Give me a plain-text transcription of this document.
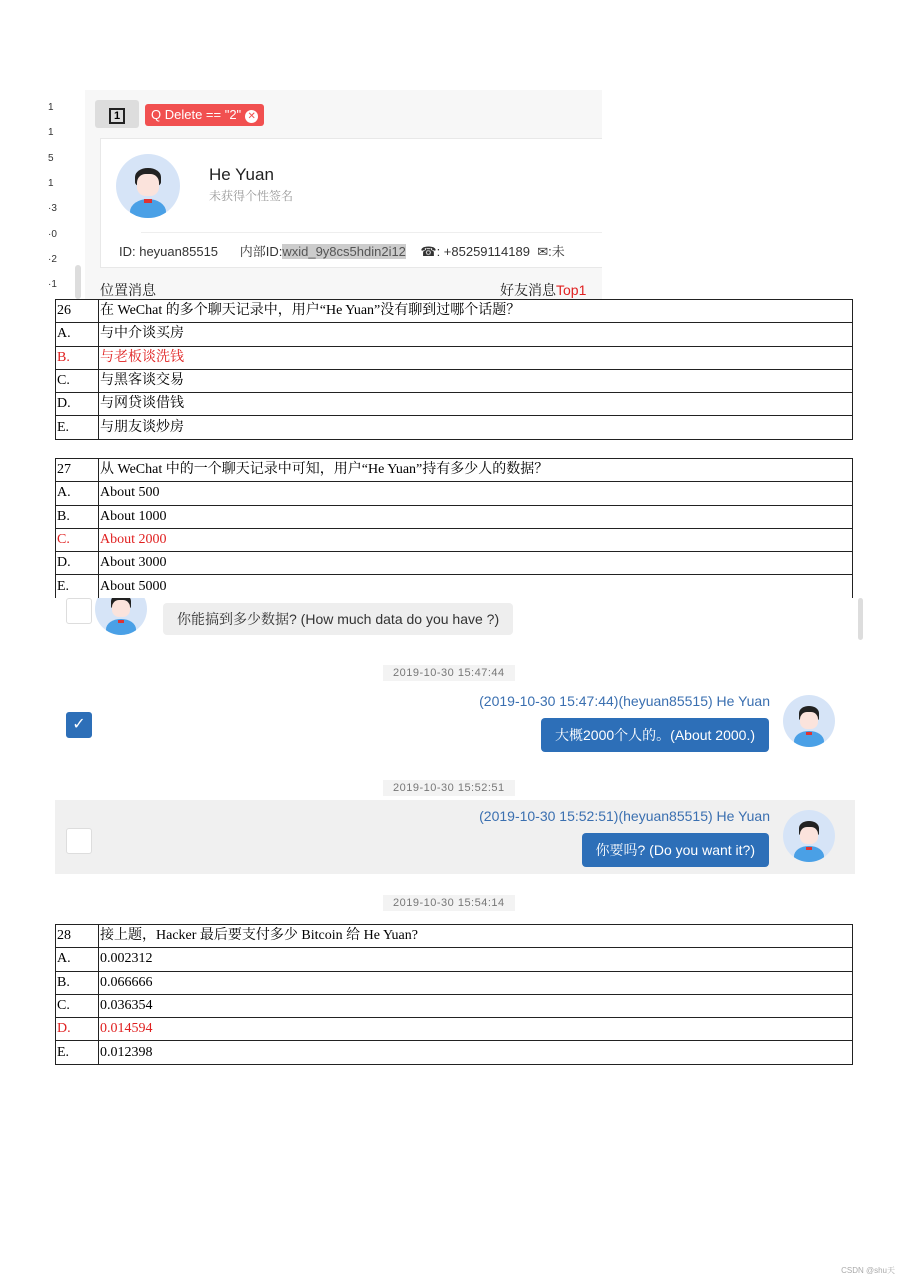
1
1
5
1
·3
·0
·2
·1
1	Q Delete == "2" ✕
He Yuan
未获得个性签名
ID: heyuan85515 内部ID:wxid_9y8cs5hdin2i12 ☎: +85259114189 ✉:未
位置消息	好友消息Top1
26	在 WeChat 的多个聊天记录中，用户“He Yuan”没有聊到过哪个话题？
A.	与中介谈买房
B.	与老板谈洗钱
C.	与黑客谈交易
D.	与网贷谈借钱
E.	与朋友谈炒房
27	从 WeChat 中的一个聊天记录中可知，用户“He Yuan”持有多少人的数据？
A.	About 500
B.	About 1000
C.	About 2000
D.	About 3000
E.	About 5000
你能搞到多少数据? (How much data do you have ?)
2019-10-30 15:47:44
(2019-10-30 15:47:44)(heyuan85515) He Yuan
✓
大概2000个人的。(About 2000.)
2019-10-30 15:52:51
(2019-10-30 15:52:51)(heyuan85515) He Yuan
你要吗? (Do you want it?)
2019-10-30 15:54:14
28	接上题，Hacker 最后要支付多少 Bitcoin 给 He Yuan?
A.	0.002312
B.	0.066666
C.	0.036354
D.	0.014594
E.	0.012398
CSDN @shu天
